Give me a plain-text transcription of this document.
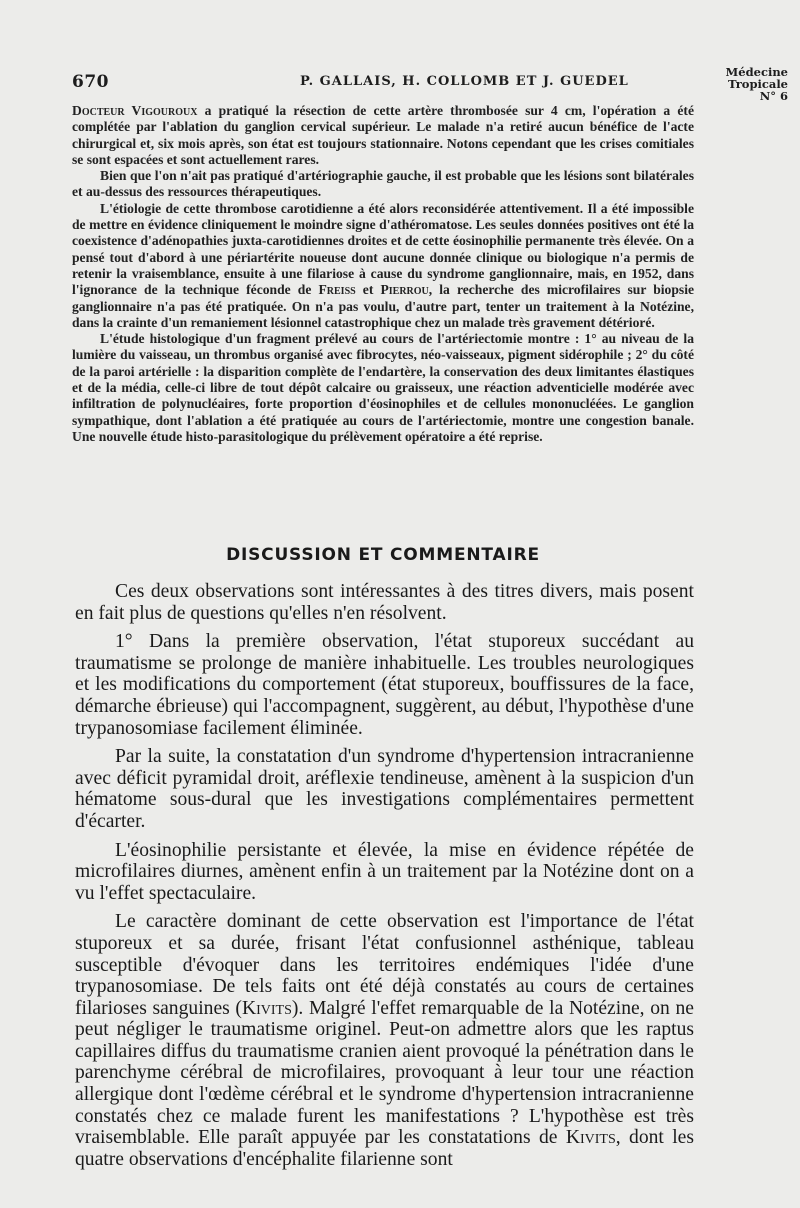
670	P. GALLAIS, H. COLLOMB ET J. GUEDEL
Médecine
Tropicale
N° 6

Docteur Vigouroux a pratiqué la résection de cette artère thrombosée sur 4 cm, l'opération a été complétée par l'ablation du ganglion cervical supérieur. Le malade n'a retiré aucun bénéfice de l'acte chirurgical et, six mois après, son état est toujours stationnaire. Notons cependant que les crises comitiales se sont espacées et sont actuellement rares.

Bien que l'on n'ait pas pratiqué d'artériographie gauche, il est probable que les lésions sont bilatérales et au-dessus des ressources thérapeutiques.

L'étiologie de cette thrombose carotidienne a été alors reconsidérée attentivement. Il a été impossible de mettre en évidence cliniquement le moindre signe d'athéromatose. Les seules données positives ont été la coexistence d'adénopathies juxta-carotidiennes droites et de cette éosinophilie permanente très élevée. On a pensé tout d'abord à une périartérite noueuse dont aucune donnée clinique ou biologique n'a permis de retenir la vraisemblance, ensuite à une filariose à cause du syndrome ganglionnaire, mais, en 1952, dans l'ignorance de la technique féconde de Freiss et Pierrou, la recherche des microfilaires sur biopsie ganglionnaire n'a pas été pratiquée. On n'a pas voulu, d'autre part, tenter un traitement à la Notézine, dans la crainte d'un remaniement lésionnel catastrophique chez un malade très gravement détérioré.

L'étude histologique d'un fragment prélevé au cours de l'artériectomie montre : 1° au niveau de la lumière du vaisseau, un thrombus organisé avec fibrocytes, néo-vaisseaux, pigment sidérophile ; 2° du côté de la paroi artérielle : la disparition complète de l'endartère, la conservation des deux limitantes élastiques et de la média, celle-ci libre de tout dépôt calcaire ou graisseux, une réaction adventicielle modérée avec infiltration de polynucléaires, forte proportion d'éosinophiles et de cellules mononucléées. Le ganglion sympathique, dont l'ablation a été pratiquée au cours de l'artériectomie, montre une congestion banale. Une nouvelle étude histo-parasitologique du prélèvement opératoire a été reprise.

DISCUSSION ET COMMENTAIRE

Ces deux observations sont intéressantes à des titres divers, mais posent en fait plus de questions qu'elles n'en résolvent.

1° Dans la première observation, l'état stuporeux succédant au traumatisme se prolonge de manière inhabituelle. Les troubles neurologiques et les modifications du comportement (état stuporeux, bouffissures de la face, démarche ébrieuse) qui l'accompagnent, suggèrent, au début, l'hypothèse d'une trypanosomiase facilement éliminée.

Par la suite, la constatation d'un syndrome d'hypertension intracranienne avec déficit pyramidal droit, aréflexie tendineuse, amènent à la suspicion d'un hématome sous-dural que les investigations complémentaires permettent d'écarter.

L'éosinophilie persistante et élevée, la mise en évidence répétée de microfilaires diurnes, amènent enfin à un traitement par la Notézine dont on a vu l'effet spectaculaire.

Le caractère dominant de cette observation est l'importance de l'état stuporeux et sa durée, frisant l'état confusionnel asthénique, tableau susceptible d'évoquer dans les territoires endémiques l'idée d'une trypanosomiase. De tels faits ont été déjà constatés au cours de certaines filarioses sanguines (Kivits). Malgré l'effet remarquable de la Notézine, on ne peut négliger le traumatisme originel. Peut-on admettre alors que les raptus capillaires diffus du traumatisme cranien aient provoqué la pénétration dans le parenchyme cérébral de microfilaires, provoquant à leur tour une réaction allergique dont l'œdème cérébral et le syndrome d'hypertension intracranienne constatés chez ce malade furent les manifestations ? L'hypothèse est très vraisemblable. Elle paraît appuyée par les constatations de Kivits, dont les quatre observations d'encéphalite filarienne sont
